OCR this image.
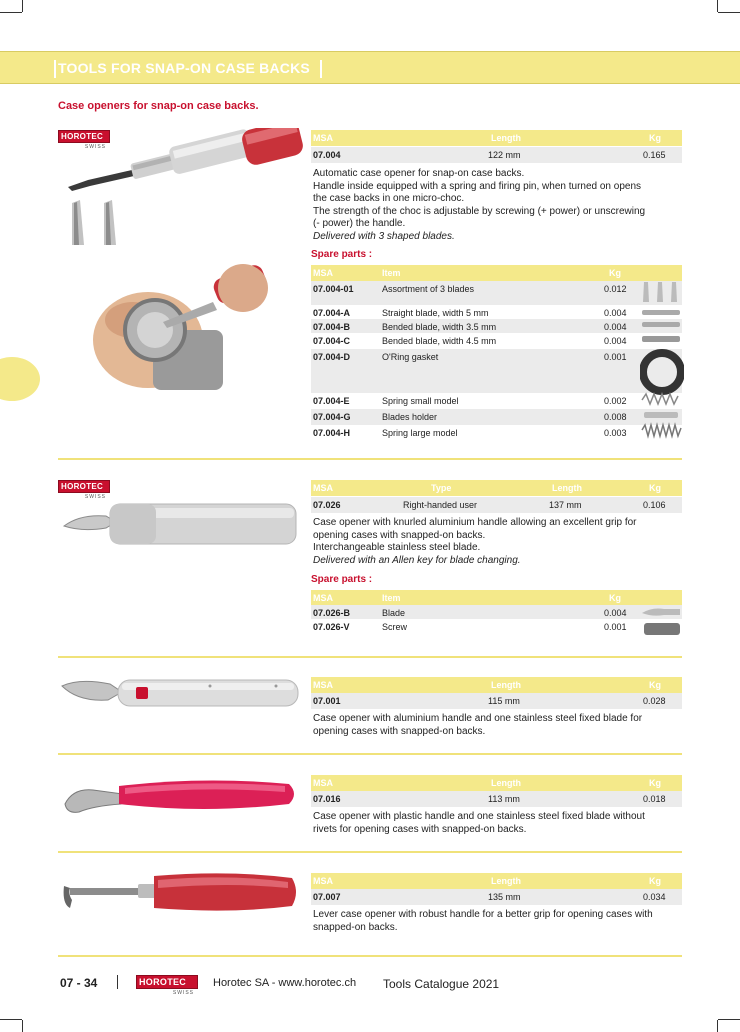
TOOLS FOR SNAP-ON CASE BACKS
Case openers for snap-on case backs.
HOROTEC
SWISS
MSA	Length	Kg
07.004	122 mm	0.165
Automatic case opener for snap-on case backs.
Handle inside equipped with a spring and firing pin, when turned on opens
the case backs in one micro-choc.
The strength of the choc is adjustable by screwing (+ power) or unscrewing
(- power) the handle.
Delivered with 3 shaped blades.
Spare parts :
MSA	Item	Kg
07.004-01	Assortment of 3 blades	0.012
07.004-A	Straight blade, width 5 mm	0.004
07.004-B	Bended blade, width 3.5 mm	0.004
07.004-C	Bended blade, width 4.5 mm	0.004
07.004-D	O'Ring gasket	0.001
07.004-E	Spring small model	0.002
07.004-G	Blades holder	0.008
07.004-H	Spring large model	0.003
HOROTEC
SWISS
MSA	Type	Length	Kg
07.026	Right-handed user	137 mm	0.106
Case opener with knurled aluminium handle allowing an excellent grip for
opening cases with snapped-on backs.
Interchangeable stainless steel blade.
Delivered with an Allen key for blade changing.
Spare parts :
MSA	Item	Kg
07.026-B	Blade	0.004
07.026-V	Screw	0.001
MSA	Length	Kg
07.001	115 mm	0.028
Case opener with aluminium handle and one stainless steel fixed blade for
opening cases with snapped-on backs.
MSA	Length	Kg
07.016	113 mm	0.018
Case opener with plastic handle and one stainless steel fixed blade without
rivets for opening cases with snapped-on backs.
MSA	Length	Kg
07.007	135 mm	0.034
Lever case opener with robust handle for a better grip for opening cases with
snapped-on backs.
07 - 34	HOROTEC
SWISS
Horotec SA - www.horotec.ch Tools Catalogue 2021
